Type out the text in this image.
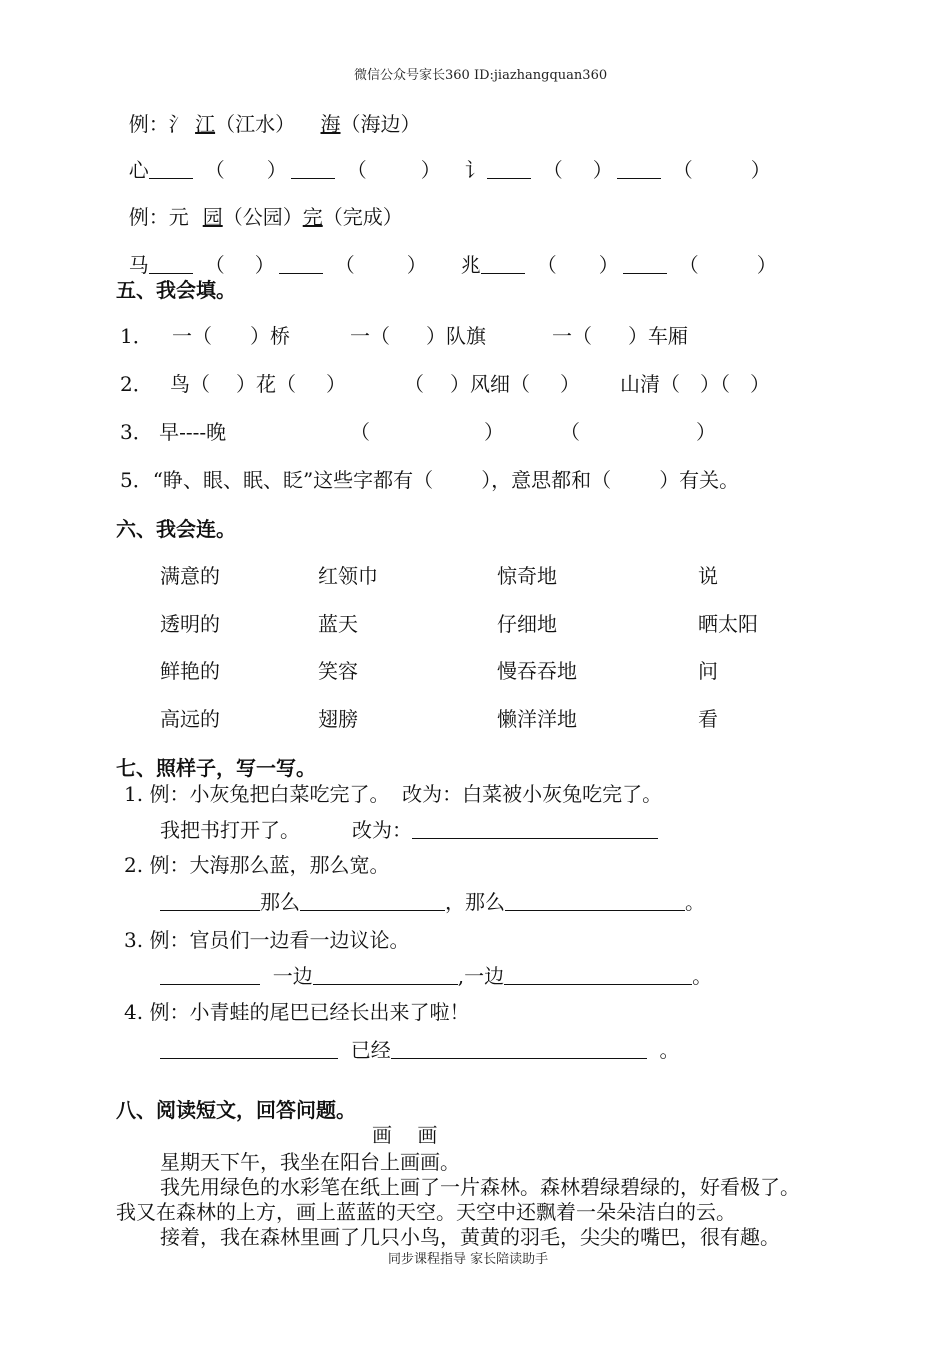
微信公众号家长360 ID:jiazhangquan360

例：氵 江（江水） 海（海边）

心	（ ）	（	） 讠	（ ）	（	）

例：元 园（公园）完（完成）

马	（ ）	（	） 兆	（ ）	（	）

五、我会填。
1． 一（ ）桥	一（ ）队旗	一（ ）车厢
2． 鸟（ ）花（ ）	（ ）风细（ ） 山清（ ）（ ）
3． 早----晚	（	）	（	）
5．“睁、眼、眠、眨”这些字都有（ ），意思都和（ ）有关。
六、我会连。
满意的	红领巾	惊奇地	说
透明的	蓝天	仔细地	晒太阳
鲜艳的	笑容	慢吞吞地	问
高远的	翅膀	懒洋洋地	看
七、照样子，写一写。
1. 例：小灰兔把白菜吃完了。  改为：白菜被小灰兔吃完了。
我把书打开了。	改为：
2. 例：大海那么蓝，那么宽。
那么	，那么	。
3. 例：官员们一边看一边议论。
一边	,一边	。
4. 例：小青蛙的尾巴已经长出来了啦！
已经	。
八、阅读短文，回答问题。
画    画
星期天下午，我坐在阳台上画画。
我先用绿色的水彩笔在纸上画了一片森林。森林碧绿碧绿的，好看极了。
我又在森林的上方，画上蓝蓝的天空。天空中还飘着一朵朵洁白的云。
接着，我在森林里画了几只小鸟，黄黄的羽毛，尖尖的嘴巴，很有趣。
同步课程指导 家长陪读助手
